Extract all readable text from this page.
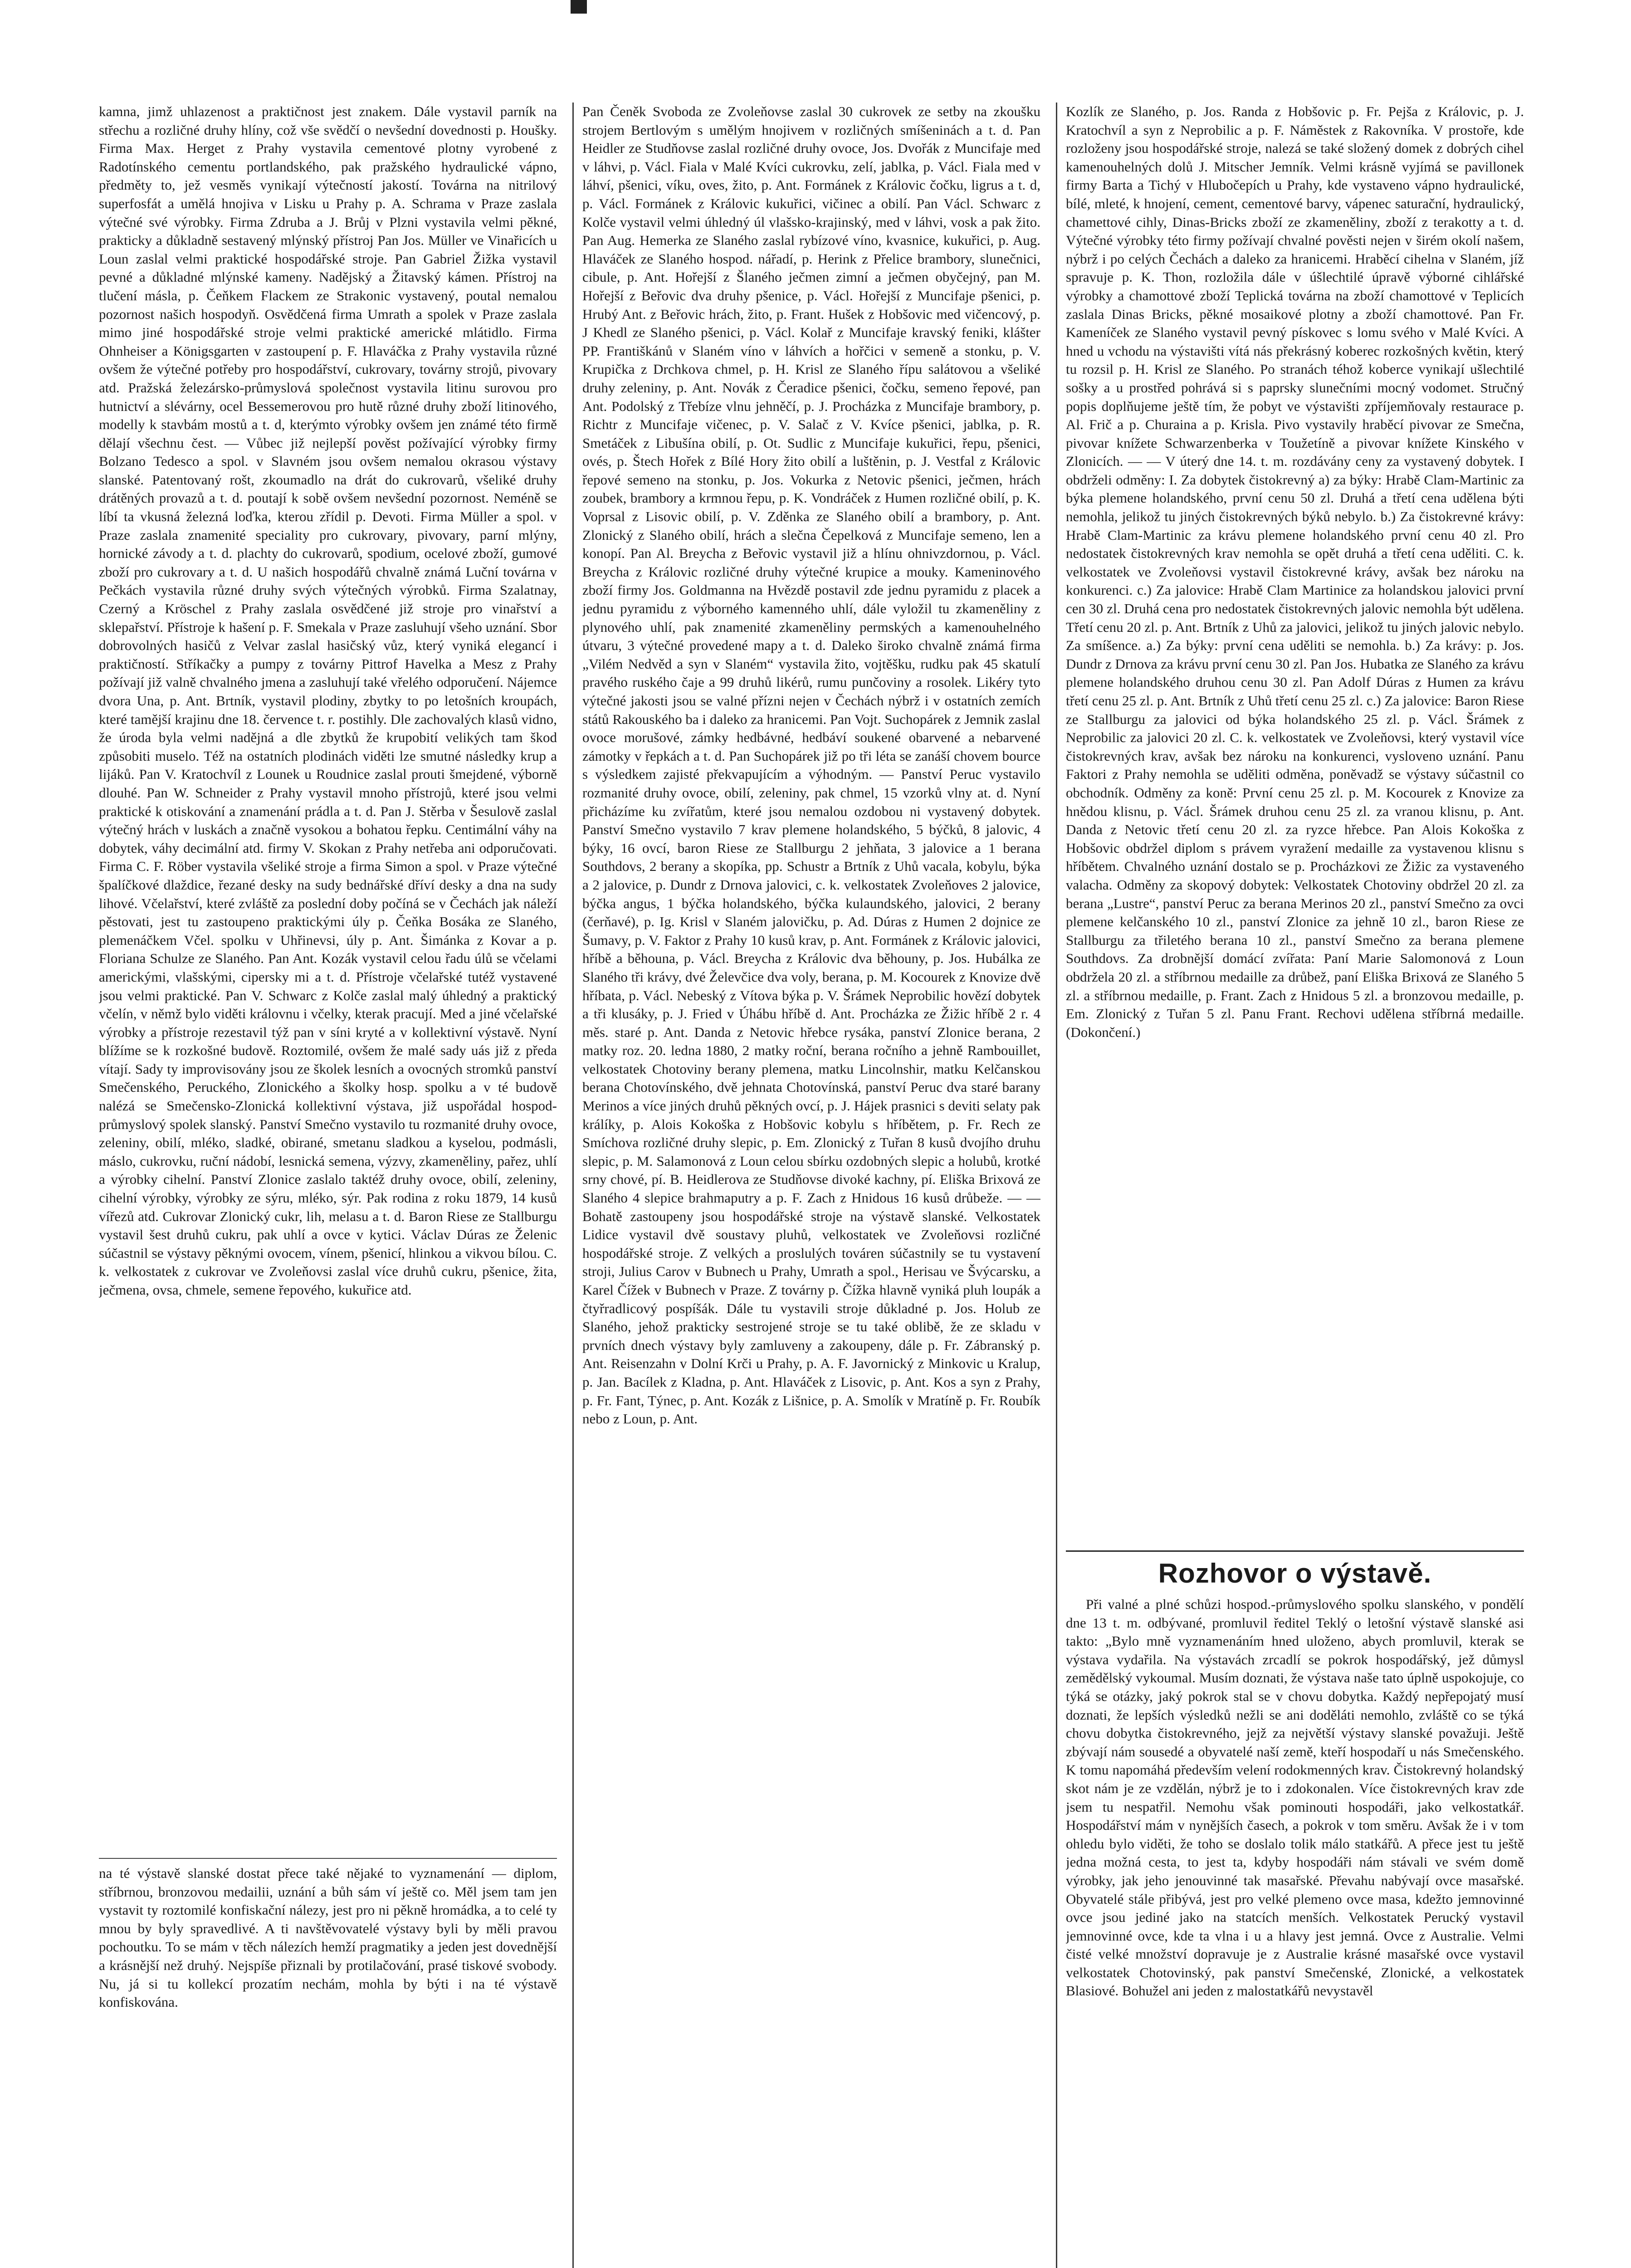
kamna, jimž uhlazenost a praktičnost jest znakem. Dále vystavil parník na střechu a rozličné druhy hlíny, což vše svědčí o nevšední dovednosti p. Houšky. Firma Max. Herget z Prahy vystavila cementové plotny vyrobené z Radotínského cementu portlandského, pak pražského hydraulické vápno, předměty to, jež vesměs vynikají výtečností jakostí. Továrna na nitrilový superfosfát a umělá hnojiva v Lisku u Prahy p. A. Schrama v Praze zaslala výtečné své výrobky. Firma Zdruba a J. Brůj v Plzni vystavila velmi pěkné, prakticky a důkladně sestavený mlýnský přístroj Pan Jos. Müller ve Vinařicích u Loun zaslal velmi praktické hospodářské stroje. Pan Gabriel Žižka vystavil pevné a důkladné mlýnské kameny. Nadějský a Žitavský kámen. Přístroj na tlučení másla, p. Čeňkem Flackem ze Strakonic vystavený, poutal nemalou pozornost našich hospodyň. Osvědčená firma Umrath a spolek v Praze zaslala mimo jiné hospodářské stroje velmi praktické americké mlátidlo. Firma Ohnheiser a Königsgarten v zastoupení p. F. Hlaváčka z Prahy vystavila různé ovšem že výtečné potřeby pro hospodářství, cukrovary, továrny strojů, pivovary atd. Pražská železársko-průmyslová společnost vystavila litinu surovou pro hutnictví a slévárny, ocel Bessemerovou pro hutě různé druhy zboží litinového, modelly k stavbám mostů a t. d, kterýmto výrobky ovšem jen známé této firmě dělají všechnu čest. — Vůbec již nejlepší pověst požívající výrobky firmy Bolzano Tedesco a spol. v Slavném jsou ovšem nemalou okrasou výstavy slanské. Patentovaný rošt, zkoumadlo na drát do cukrovarů, všeliké druhy drátěných provazů a t. d. poutají k sobě ovšem nevšední pozornost. Neméně se líbí ta vkusná železná loďka, kterou zřídil p. Devoti. Firma Müller a spol. v Praze zaslala znamenité speciality pro cukrovary, pivovary, parní mlýny, hornické závody a t. d. plachty do cukrovarů, spodium, ocelové zboží, gumové zboží pro cukrovary a t. d. U našich hospodářů chvalně známá Luční továrna v Pečkách vystavila různé druhy svých výtečných výrobků. Firma Szalatnay, Czerný a Kröschel z Prahy zaslala osvědčené již stroje pro vinařství a sklepařství. Přístroje k hašení p. F. Smekala v Praze zasluhují všeho uznání. Sbor dobrovolných hasičů z Velvar zaslal hasičský vůz, který vyniká elegancí i praktičností. Stříkačky a pumpy z továrny Pittrof Havelka a Mesz z Prahy požívají již valně chvalného jmena a zasluhují také vřelého odporučení. Nájemce dvora Una, p. Ant. Brtník, vystavil plodiny, zbytky to po letošních kroupách, které tamější krajinu dne 18. července t. r. postihly. Dle zachovalých klasů vidno, že úroda byla velmi nadějná a dle zbytků že krupobití velikých tam škod způsobiti muselo. Též na ostatních plodinách viděti lze smutné následky krup a lijáků. Pan V. Kratochvíl z Lounek u Roudnice zaslal prouti šmejdené, výborně dlouhé. Pan W. Schneider z Prahy vystavil mnoho přístrojů, které jsou velmi praktické k otiskování a znamenání prádla a t. d. Pan J. Stěrba v Šesulově zaslal výtečný hrách v luskách a značně vysokou a bohatou řepku. Centimální váhy na dobytek, váhy decimální atd. firmy V. Skokan z Prahy netřeba ani odporučovati. Firma C. F. Röber vystavila všeliké stroje a firma Simon a spol. v Praze výtečné špalíčkové dlaždice, řezané desky na sudy bednářské dříví desky a dna na sudy lihové. Včelařství, které zvláště za poslední doby počíná se v Čechách jak náleží pěstovati, jest tu zastoupeno praktickými úly p. Čeňka Bosáka ze Slaného, plemenáčkem Včel. spolku v Uhřinevsi, úly p. Ant. Šimánka z Kovar a p. Floriana Schulze ze Slaného. Pan Ant. Kozák vystavil celou řadu úlů se včelami americkými, vlašskými, cipersky mi a t. d. Přístroje včelařské tutéž vystavené jsou velmi praktické. Pan V. Schwarc z Kolče zaslal malý úhledný a praktický včelín, v němž bylo viděti královnu i včelky, kterak pracují. Med a jiné včelařské výrobky a přístroje rezestavil týž pan v síni kryté a v kollektivní výstavě. Nyní blížíme se k rozkošné budově. Roztomilé, ovšem že malé sady uás již z předa vítají. Sady ty improvisovány jsou ze školek lesních a ovocných stromků panství Smečenského, Peruckého, Zlonického a školky hosp. spolku a v té budově nalézá se Smečensko-Zlonická kollektivní výstava, již uspořádal hospod-průmyslový spolek slanský. Panství Smečno vystavilo tu rozmanité druhy ovoce, zeleniny, obilí, mléko, sladké, obirané, smetanu sladkou a kyselou, podmásli, máslo, cukrovku, ruční nádobí, lesnická semena, výzvy, zkameněliny, pařez, uhlí a výrobky cihelní. Panství Zlonice zaslalo taktéž druhy ovoce, obilí, zeleniny, cihelní výrobky, výrobky ze sýru, mléko, sýr. Pak rodina z roku 1879, 14 kusů vířezů atd. Cukrovar Zlonický cukr, lih, melasu a t. d. Baron Riese ze Stallburgu vystavil šest druhů cukru, pak uhlí a ovce v kytici. Václav Dúras ze Želenic súčastnil se výstavy pěknými ovocem, vínem, pšenicí, hlinkou a vikvou bílou. C. k. velkostatek z cukrovar ve Zvoleňovsi zaslal více druhů cukru, pšenice, žita, ječmena, ovsa, chmele, semene řepového, kukuřice atd.

na té výstavě slanské dostat přece také nějaké to vyznamenání — diplom, stříbrnou, bronzovou medailii, uznání a bůh sám ví ještě co. Měl jsem tam jen vystavit ty roztomilé konfiskační nálezy, jest pro ni pěkně hromádka, a to celé ty mnou by byly spravedlivé. A ti navštěvovatelé výstavy byli by měli pravou pochoutku. To se mám v těch nálezích hemží pragmatiky a jeden jest dovednější a krásnější než druhý. Nejspíše přiznali by protilačování, prasé tiskové svobody. Nu, já si tu kollekcí prozatím nechám, mohla by býti i na té výstavě konfiskována.

Pan Čeněk Svoboda ze Zvoleňovse zaslal 30 cukrovek ze setby na zkoušku strojem Bertlovým s umělým hnojivem v rozličných smíšeninách a t. d. Pan Heidler ze Studňovse zaslal rozličné druhy ovoce, Jos. Dvořák z Muncifaje med v láhvi, p. Václ. Fiala v Malé Kvíci cukrovku, zelí, jablka, p. Václ. Fiala med v láhví, pšenici, víku, oves, žito, p. Ant. Formánek z Královic čočku, ligrus a t. d, p. Václ. Formánek z Královic kukuřici, vičinec a obilí. Pan Václ. Schwarc z Kolče vystavil velmi úhledný úl vlašsko-krajinský, med v láhvi, vosk a pak žito. Pan Aug. Hemerka ze Slaného zaslal rybízové víno, kvasnice, kukuřici, p. Aug. Hlaváček ze Slaného hospod. nářadí, p. Herink z Přelice brambory, slunečnici, cibule, p. Ant. Hořejší z Šlaného ječmen zimní a ječmen obyčejný, pan M. Hořejší z Beřovic dva druhy pšenice, p. Václ. Hořejší z Muncifaje pšenici, p. Hrubý Ant. z Beřovic hrách, žito, p. Frant. Hušek z Hobšovic med vičencový, p. J Khedl ze Slaného pšenici, p. Václ. Kolař z Muncifaje kravský feniki, klášter PP. Františkánů v Slaném víno v láhvích a hořčici v semeně a stonku, p. V. Krupička z Drchkova chmel, p. H. Krisl ze Slaného řípu salátovou a všeliké druhy zeleniny, p. Ant. Novák z Čeradice pšenici, čočku, semeno řepové, pan Ant. Podolský z Třebíze vlnu jehněčí, p. J. Procházka z Muncifaje brambory, p. Richtr z Muncifaje vičenec, p. V. Salač z V. Kvíce pšenici, jablka, p. R. Smetáček z Libušína obilí, p. Ot. Sudlic z Muncifaje kukuřici, řepu, pšenici, ovés, p. Štech Hořek z Bílé Hory žito obilí a luštěnin, p. J. Vestfal z Královic řepové semeno na stonku, p. Jos. Vokurka z Netovic pšenici, ječmen, hrách zoubek, brambory a krmnou řepu, p. K. Vondráček z Humen rozličné obilí, p. K. Voprsal z Lisovic obilí, p. V. Zděnka ze Slaného obilí a brambory, p. Ant. Zlonický z Slaného obilí, hrách a slečna Čepelková z Muncifaje semeno, len a konopí. Pan Al. Breycha z Beřovic vystavil již a hlínu ohnivzdornou, p. Václ. Breycha z Královic rozličné druhy výtečné krupice a mouky. Kameninového zboží firmy Jos. Goldmanna na Hvězdě postavil zde jednu pyramidu z placek a jednu pyramidu z výborného kamenného uhlí, dále vyložil tu zkameněliny z plynového uhlí, pak znamenité zkameněliny permských a kamenouhelného útvaru, 3 výtečné provedené mapy a t. d. Daleko široko chvalně známá firma „Vilém Nedvěd a syn v Slaném“ vystavila žito, vojtěšku, rudku pak 45 skatulí pravého ruského čaje a 99 druhů likérů, rumu punčoviny a rosolek. Likéry tyto výtečné jakosti jsou se valné přízni nejen v Čechách nýbrž i v ostatních zemích států Rakouského ba i daleko za hranicemi. Pan Vojt. Suchopárek z Jemnik zaslal ovoce morušové, zámky hedbávné, hedbáví soukené obarvené a nebarvené zámotky v řepkách a t. d. Pan Suchopárek již po tři léta se zanáší chovem bource s výsledkem zajisté překvapujícím a výhodným. — Panství Peruc vystavilo rozmanité druhy ovoce, obilí, zeleniny, pak chmel, 15 vzorků vlny at. d. Nyní přicházíme ku zvířatům, které jsou nemalou ozdobou ni vystavený dobytek. Panství Smečno vystavilo 7 krav plemene holandského, 5 býčků, 8 jalovic, 4 býky, 16 ovcí, baron Riese ze Stallburgu 2 jehňata, 3 jalovice a 1 berana Southdovs, 2 berany a skopíka, pp. Schustr a Brtník z Uhů vacala, kobylu, býka a 2 jalovice, p. Dundr z Drnova jalovici, c. k. velkostatek Zvoleňoves 2 jalovice, býčka angus, 1 býčka holandského, býčka kulaundského, jalovici, 2 berany (čerňavé), p. Ig. Krisl v Slaném jalovičku, p. Ad. Dúras z Humen 2 dojnice ze Šumavy, p. V. Faktor z Prahy 10 kusů krav, p. Ant. Formánek z Královic jalovici, hříbě a běhouna, p. Václ. Breycha z Královic dva běhouny, p. Jos. Hubálka ze Slaného tři krávy, dvé Želevčice dva voly, berana, p. M. Kocourek z Knovize dvě hříbata, p. Václ. Nebeský z Vítova býka p. V. Šrámek Neprobilic hovězí dobytek a tři klusáky, p. J. Fried v Úhábu hříbě d. Ant. Procházka ze Žižic hříbě 2 r. 4 měs. staré p. Ant. Danda z Netovic hřebce rysáka, panství Zlonice berana, 2 matky roz. 20. ledna 1880, 2 matky roční, berana ročního a jehně Rambouillet, velkostatek Chotoviny berany plemena, matku Lincolnshir, matku Kelčanskou berana Chotovínského, dvě jehnata Chotovínská, panství Peruc dva staré barany Merinos a více jiných druhů pěkných ovcí, p. J. Hájek prasnici s deviti selaty pak králíky, p. Alois Kokoška z Hobšovic kobylu s hříbětem, p. Fr. Rech ze Smíchova rozličné druhy slepic, p. Em. Zlonický z Tuřan 8 kusů dvojího druhu slepic, p. M. Salamonová z Loun celou sbírku ozdobných slepic a holubů, krotké srny chové, pí. B. Heidlerova ze Studňovse divoké kachny, pí. Eliška Brixová ze Slaného 4 slepice brahmaputry a p. F. Zach z Hnidous 16 kusů drůbeže. — — Bohatě zastoupeny jsou hospodářské stroje na výstavě slanské. Velkostatek Lidice vystavil dvě soustavy pluhů, velkostatek ve Zvoleňovsi rozličné hospodářské stroje. Z velkých a proslulých továren súčastnily se tu vystavení stroji, Julius Carov v Bubnech u Prahy, Umrath a spol., Herisau ve Švýcarsku, a Karel Čížek v Bubnech v Praze. Z továrny p. Čížka hlavně vyniká pluh loupák a čtyřradlicový pospíšák. Dále tu vystavili stroje důkladné p. Jos. Holub ze Slaného, jehož prakticky sestrojené stroje se tu také oblibě, že ze skladu v prvních dnech výstavy byly zamluveny a zakoupeny, dále p. Fr. Zábranský p. Ant. Reisenzahn v Dolní Krči u Prahy, p. A. F. Javornický z Minkovic u Kralup, p. Jan. Bacílek z Kladna, p. Ant. Hlaváček z Lisovic, p. Ant. Kos a syn z Prahy, p. Fr. Fant, Týnec, p. Ant. Kozák z Lišnice, p. A. Smolík v Mratíně p. Fr. Roubík nebo z Loun, p. Ant.

Kozlík ze Slaného, p. Jos. Randa z Hobšovic p. Fr. Pejša z Královic, p. J. Kratochvíl a syn z Neprobilic a p. F. Náměstek z Rakovníka. V prostoře, kde rozloženy jsou hospodářské stroje, nalezá se také složený domek z dobrých cihel kamenouhelných dolů J. Mitscher Jemník. Velmi krásně vyjímá se pavillonek firmy Barta a Tichý v Hlubočepích u Prahy, kde vystaveno vápno hydraulické, bílé, mleté, k hnojení, cement, cementové barvy, vápenec saturační, hydraulický, chamettové cihly, Dinas-Bricks zboží ze zkameněliny, zboží z terakotty a t. d. Výtečné výrobky této firmy požívají chvalné pověsti nejen v širém okolí našem, nýbrž i po celých Čechách a daleko za hranicemi. Hraběcí cihelna v Slaném, jíž spravuje p. K. Thon, rozložila dále v úšlechtilé úpravě výborné cihlářské výrobky a chamottové zboží Teplická továrna na zboží chamottové v Teplicích zaslala Dinas Bricks, pěkné mosaikové plotny a zboží chamottové. Pan Fr. Kameníček ze Slaného vystavil pevný pískovec s lomu svého v Malé Kvíci. A hned u vchodu na výstavišti vítá nás překrásný koberec rozkošných květin, který tu rozsil p. H. Krisl ze Slaného. Po stranách téhož koberce vynikají ušlechtilé sošky a u prostřed pohrává si s paprsky slunečními mocný vodomet. Stručný popis doplňujeme ještě tím, že pobyt ve výstavišti zpříjemňovaly restaurace p. Al. Frič a p. Churaina a p. Krisla. Pivo vystavily hraběcí pivovar ze Smečna, pivovar knížete Schwarzenberka v Toužetíně a pivovar knížete Kinského v Zlonicích. — — V úterý dne 14. t. m. rozdávány ceny za vystavený dobytek. I obdrželi odměny: I. Za dobytek čistokrevný a) za býky: Hrabě Clam-Martinic za býka plemene holandského, první cenu 50 zl. Druhá a třetí cena udělena býti nemohla, jelikož tu jiných čistokrevných býků nebylo. b.) Za čistokrevné krávy: Hrabě Clam-Martinic za krávu plemene holandského první cenu 40 zl. Pro nedostatek čistokrevných krav nemohla se opět druhá a třetí cena uděliti. C. k. velkostatek ve Zvoleňovsi vystavil čistokrevné krávy, avšak bez nároku na konkurenci. c.) Za jalovice: Hrabě Clam Martinice za holandskou jalovici první cen 30 zl. Druhá cena pro nedostatek čistokrevných jalovic nemohla být udělena. Třetí cenu 20 zl. p. Ant. Brtník z Uhů za jalovici, jelikož tu jiných jalovic nebylo. Za smíšence. a.) Za býky: první cena uděliti se nemohla. b.) Za krávy: p. Jos. Dundr z Drnova za krávu první cenu 30 zl. Pan Jos. Hubatka ze Slaného za krávu plemene holandského druhou cenu 30 zl. Pan Adolf Dúras z Humen za krávu třetí cenu 25 zl. p. Ant. Brtník z Uhů třetí cenu 25 zl. c.) Za jalovice: Baron Riese ze Stallburgu za jalovici od býka holandského 25 zl. p. Václ. Šrámek z Neprobilic za jalovici 20 zl. C. k. velkostatek ve Zvoleňovsi, který vystavil více čistokrevných krav, avšak bez nároku na konkurenci, vysloveno uznání. Panu Faktori z Prahy nemohla se uděliti odměna, poněvadž se výstavy súčastnil co obchodník. Odměny za koně: První cenu 25 zl. p. M. Kocourek z Knovize za hnědou klisnu, p. Václ. Šrámek druhou cenu 25 zl. za vranou klisnu, p. Ant. Danda z Netovic třetí cenu 20 zl. za ryzce hřebce. Pan Alois Kokoška z Hobšovic obdržel diplom s právem vyražení medaille za vystavenou klisnu s hříbětem. Chvalného uznání dostalo se p. Procházkovi ze Žižic za vystaveného valacha. Odměny za skopový dobytek: Velkostatek Chotoviny obdržel 20 zl. za berana „Lustre“, panství Peruc za berana Merinos 20 zl., panství Smečno za ovci plemene kelčanského 10 zl., panství Zlonice za jehně 10 zl., baron Riese ze Stallburgu za třiletého berana 10 zl., panství Smečno za berana plemene Southdovs. Za drobnější domácí zvířata: Paní Marie Salomonová z Loun obdržela 20 zl. a stříbrnou medaille za drůbež, paní Eliška Brixová ze Slaného 5 zl. a stříbrnou medaille, p. Frant. Zach z Hnidous 5 zl. a bronzovou medaille, p. Em. Zlonický z Tuřan 5 zl. Panu Frant. Rechovi udělena stříbrná medaille. (Dokončení.)

Rozhovor o výstavě.

Při valné a plné schůzi hospod.-průmyslového spolku slanského, v pondělí dne 13 t. m. odbývané, promluvil ředitel Teklý o letošní výstavě slanské asi takto: „Bylo mně vyznamenáním hned uloženo, abych promluvil, kterak se výstava vydařila. Na výstavách zrcadlí se pokrok hospodářský, jež důmysl zemědělský vykoumal. Musím doznati, že výstava naše tato úplně uspokojuje, co týká se otázky, jaký pokrok stal se v chovu dobytka. Každý nepřepojatý musí doznati, že lepších výsledků nežli se ani doděláti nemohlo, zvláště co se týká chovu dobytka čistokrevného, jejž za největší výstavy slanské považuji. Ještě zbývají nám sousedé a obyvatelé naší země, kteří hospodaří u nás Smečenského. K tomu napomáhá především velení rodokmenných krav. Čistokrevný holandský skot nám je ze vzdělán, nýbrž je to i zdokonalen. Více čistokrevných krav zde jsem tu nespatřil. Nemohu však pominouti hospodáři, jako velkostatkář. Hospodářství mám v nynějších časech, a pokrok v tom směru. Avšak že i v tom ohledu bylo viděti, že toho se doslalo tolik málo statkářů. A přece jest tu ještě jedna možná cesta, to jest ta, kdyby hospodáři nám stávali ve svém domě výrobky, jak jeho jenouvinné tak masařské. Převahu nabývají ovce masařské. Obyvatelé stále přibývá, jest pro velké plemeno ovce masa, kdežto jemnovinné ovce jsou jediné jako na statcích menších. Velkostatek Perucký vystavil jemnovinné ovce, kde ta vlna i u a hlavy jest jemná. Ovce z Australie. Velmi čisté velké množství dopravuje je z Australie krásné masařské ovce vystavil velkostatek Chotovinský, pak panství Smečenské, Zlonické, a velkostatek Blasiové. Bohužel ani jeden z malostatkářů nevystavěl
